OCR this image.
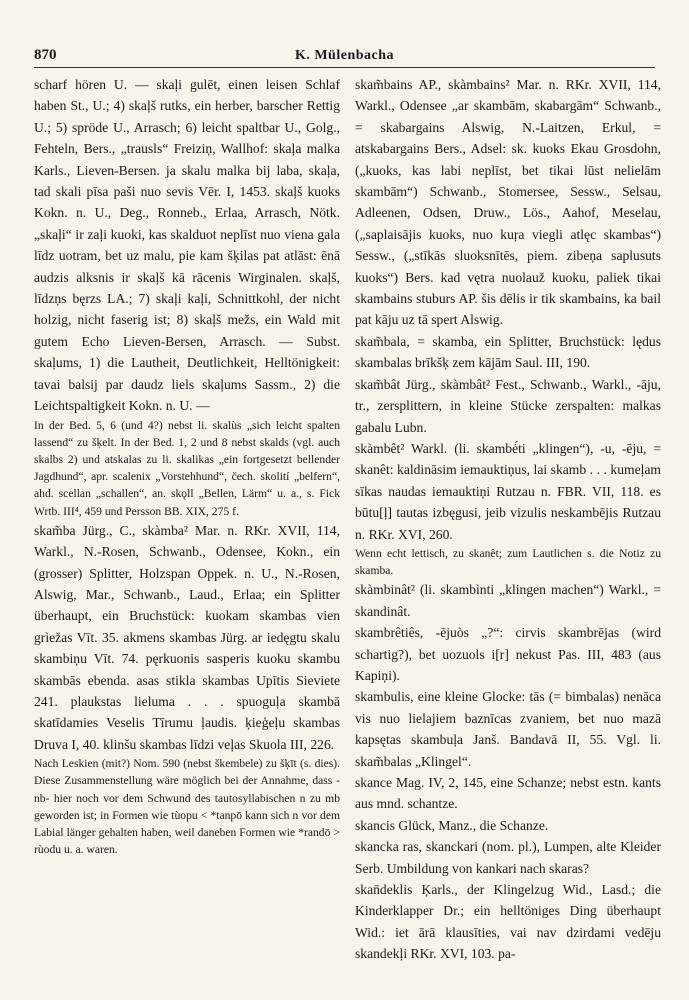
870	K. Mülenbacha

scharf hören U. — skaļi gulēt, einen leisen Schlaf haben St., U.; 4) skaļš rutks, ein herber, barscher Rettig U.; 5) spröde U., Arrasch; 6) leicht spaltbar U., Golg., Fehteln, Bers., „trausls“ Freiziņ, Wallhof: skaļa malka Karls., Lieven-Bersen. ja skalu malka bij laba, skaļa, tad skali pīsa paši nuo sevis Vēr. I, 1453. skaļš kuoks Kokn. n. U., Deg., Ronneb., Erlaa, Arrasch, Nötk. „skaļi“ ir zaļi kuoki, kas skalduot neplīst nuo viena gala līdz uotram, bet uz malu, pie kam šķilas pat atlāst: ēnā audzis alksnis ir skaļš kā rācenis Wirginalen. skaļš, līdzņs bęrzs LA.; 7) skaļi kaļi, Schnittkohl, der nicht holzig, nicht faserig ist; 8) skaļš mežs, ein Wald mit gutem Echo Lieven-Bersen, Arrasch. — Subst. skaļums, 1) die Lautheit, Deutlichkeit, Helltönigkeit: tavai balsij par daudz liels skaļums Sassm., 2) die Leichtspaltigkeit Kokn. n. U. —

In der Bed. 5, 6 (und 4?) nebst li. skalùs „sich leicht spalten lassend“ zu šķelt. In der Bed. 1, 2 und 8 nebst skalds (vgl. auch skalbs 2) und atskalas zu li. skalikas „ein fortgesetzt bellender Jagdhund“, apr. scalenix „Vorstehhund“, čech. skolití „belfern“, ahd. scellan „schallen“, an. skǫll „Bellen, Lärm“ u. a., s. Fick Wrtb. III⁴, 459 und Persson BB. XIX, 275 f.

skam̃ba Jürg., C., skàmba² Mar. n. RKr. XVII, 114, Warkl., N.-Rosen, Schwanb., Odensee, Kokn., ein (grosser) Splitter, Holzspan Oppek. n. U., N.-Rosen, Alswig, Mar., Schwanb., Laud., Erlaa; ein Splitter überhaupt, ein Bruchstück: kuokam skambas vien grìežas Vīt. 35. akmens skambas Jürg. ar iedęgtu skalu skambiņu Vīt. 74. pęrkuonis sasperis kuoku skambu skambās ebenda. asas stikla skambas Upītis Sieviete 241. plaukstas lieluma . . . spuoguļa skambā skatīdamies Veselis Tīrumu ļaudis. ķieģeļu skambas Druva I, 40. klinšu skambas līdzi veļas Skuola III, 226.

Nach Leskien (mit?) Nom. 590 (nebst škembele) zu šķīt (s. dies). Diese Zusammenstellung wäre möglich bei der Annahme, dass -nb- hier noch vor dem Schwund des tautosyllabischen n zu mb geworden ist; in Formen wie tùopu < *tanpō kann sich n vor dem Labial länger gehalten haben, weil daneben Formen wie *randō > rùodu u. a. waren.

skam̃bains AP., skàmbains² Mar. n. RKr. XVII, 114, Warkl., Odensee „ar skambām, skabargām“ Schwanb., = skabargains Alswig, N.-Laitzen, Erkul, = atskabargains Bers., Adsel: sk. kuoks Ekau Grosdohn, („kuoks, kas labi neplīst, bet tikai lūst nelielām skambām“) Schwanb., Stomersee, Sessw., Selsau, Adleenen, Odsen, Druw., Lös., Aahof, Meselau, („saplaisājis kuoks, nuo kuŗa viegli atlęc skambas“) Sessw., („stīkās sluoksnītēs, piem. zibeņa saplusuts kuoks“) Bers. kad vętra nuolauž kuoku, paliek tikai skambains stuburs AP. šis dēlis ir tik skambains, ka bail pat kāju uz tā spert Alswig.

skam̃bala, = skamba, ein Splitter, Bruchstück: lędus skambalas brīkšķ zem kājām Saul. III, 190.

skam̃bât Jürg., skàmbât² Fest., Schwanb., Warkl., -āju, tr., zersplittern, in kleine Stücke zerspalten: malkas gabalu Lubn.

skàmbêt² Warkl. (li. skambė́ti „klingen“), -u, -ēju, = skanêt: kaldināsim iemauktiņus, lai skamb . . . kumeļam sīkas naudas iemauktiņi Rutzau n. FBR. VII, 118. es būtu[ļ] tautas izbęgusi, jeib vizulis neskambējis Rutzau n. RKr. XVI, 260.

Wenn echt lettisch, zu skanêt; zum Lautlichen s. die Notiz zu skamba.

skàmbinât² (li. skambìnti „klingen machen“) Warkl., = skandinât.

skambrêtiês, -ējuòs „?“: cirvis skambrējas (wird schartig?), bet uozuols i[r] nekust Pas. III, 483 (aus Kapiņi).

skambulis, eine kleine Glocke: tās (= bimbalas) nenāca vis nuo lielajiem baznīcas zvaniem, bet nuo mazā kapsętas skambuļa Janš. Bandavā II, 55. Vgl. li. skam̃balas „Klingel“.

skance Mag. IV, 2, 145, eine Schanze; nebst estn. kants aus mnd. schantze.

skancis Glück, Manz., die Schanze.

skancka ras, skanckari (nom. pl.), Lumpen, alte Kleider Serb. Umbildung von kankari nach skaras?

skan̄deklis Ķarls., der Klingelzug Wid., Lasd.; die Kinderklapper Dr.; ein helltöniges Ding überhaupt Wid.: iet ārā klausīties, vai nav dzirdami vedēju skandekļi RKr. XVI, 103. pa-
